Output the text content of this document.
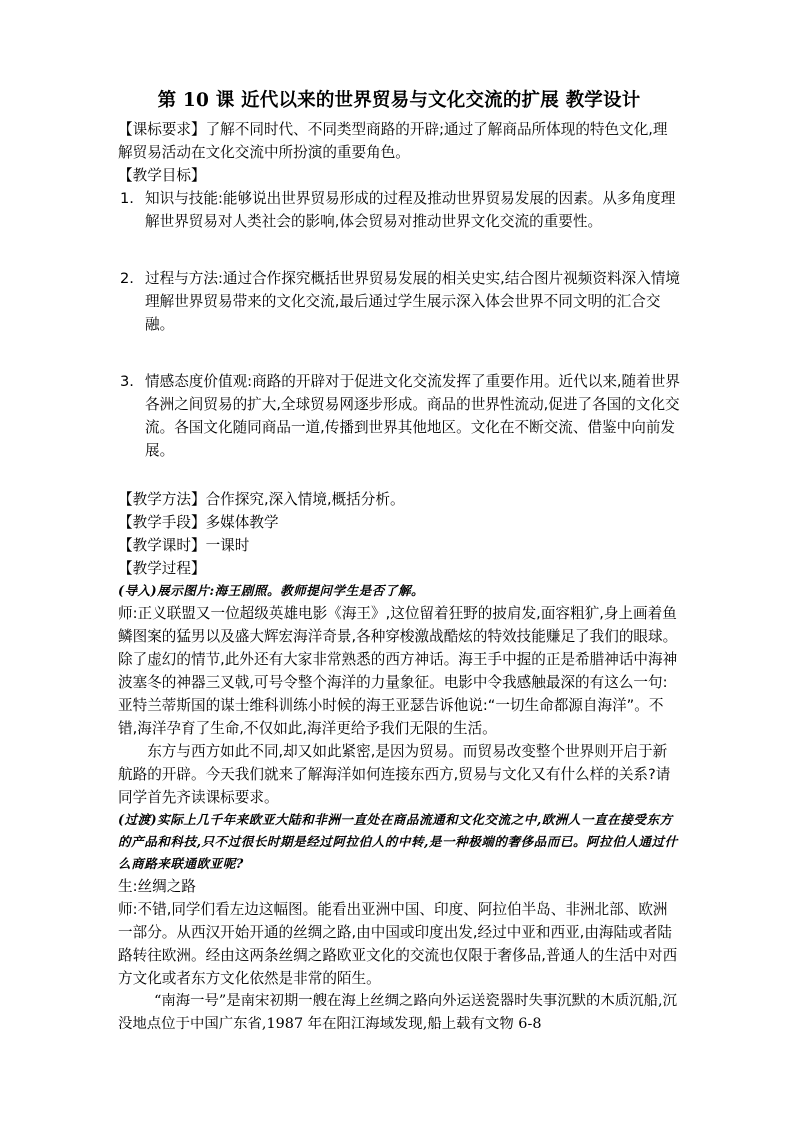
第 10 课 近代以来的世界贸易与文化交流的扩展 教学设计

【课标要求】了解不同时代、不同类型商路的开辟;通过了解商品所体现的特色文化,理解贸易活动在文化交流中所扮演的重要角色。

【教学目标】

1. 知识与技能:能够说出世界贸易形成的过程及推动世界贸易发展的因素。从多角度理解世界贸易对人类社会的影响,体会贸易对推动世界文化交流的重要性。
2. 过程与方法:通过合作探究概括世界贸易发展的相关史实,结合图片视频资料深入情境理解世界贸易带来的文化交流,最后通过学生展示深入体会世界不同文明的汇合交融。
3. 情感态度价值观:商路的开辟对于促进文化交流发挥了重要作用。近代以来,随着世界各洲之间贸易的扩大,全球贸易网逐步形成。商品的世界性流动,促进了各国的文化交流。各国文化随同商品一道,传播到世界其他地区。文化在不断交流、借鉴中向前发展。

【教学方法】合作探究,深入情境,概括分析。

【教学手段】多媒体教学

【教学课时】一课时

【教学过程】

(导入)展示图片:海王剧照。教师提问学生是否了解。

师:正义联盟又一位超级英雄电影《海王》,这位留着狂野的披肩发,面容粗犷,身上画着鱼鳞图案的猛男以及盛大辉宏海洋奇景,各种穿梭激战酷炫的特效技能赚足了我们的眼球。除了虚幻的情节,此外还有大家非常熟悉的西方神话。海王手中握的正是希腊神话中海神波塞冬的神器三叉戟,可号令整个海洋的力量象征。电影中令我感触最深的有这么一句:亚特兰蒂斯国的谋士维科训练小时候的海王亚瑟告诉他说:“一切生命都源自海洋”。不错,海洋孕育了生命,不仅如此,海洋更给予我们无限的生活。

东方与西方如此不同,却又如此紧密,是因为贸易。而贸易改变整个世界则开启于新航路的开辟。今天我们就来了解海洋如何连接东西方,贸易与文化又有什么样的关系?请同学首先齐读课标要求。

(过渡)实际上几千年来欧亚大陆和非洲一直处在商品流通和文化交流之中,欧洲人一直在接受东方的产品和科技,只不过很长时期是经过阿拉伯人的中转,是一种极端的奢侈品而已。阿拉伯人通过什么商路来联通欧亚呢?

生:丝绸之路

师:不错,同学们看左边这幅图。能看出亚洲中国、印度、阿拉伯半岛、非洲北部、欧洲一部分。从西汉开始开通的丝绸之路,由中国或印度出发,经过中亚和西亚,由海陆或者陆路转往欧洲。经由这两条丝绸之路欧亚文化的交流也仅限于奢侈品,普通人的生活中对西方文化或者东方文化依然是非常的陌生。

“南海一号”是南宋初期一艘在海上丝绸之路向外运送瓷器时失事沉默的木质沉船,沉没地点位于中国广东省,1987 年在阳江海域发现,船上载有文物 6-8
